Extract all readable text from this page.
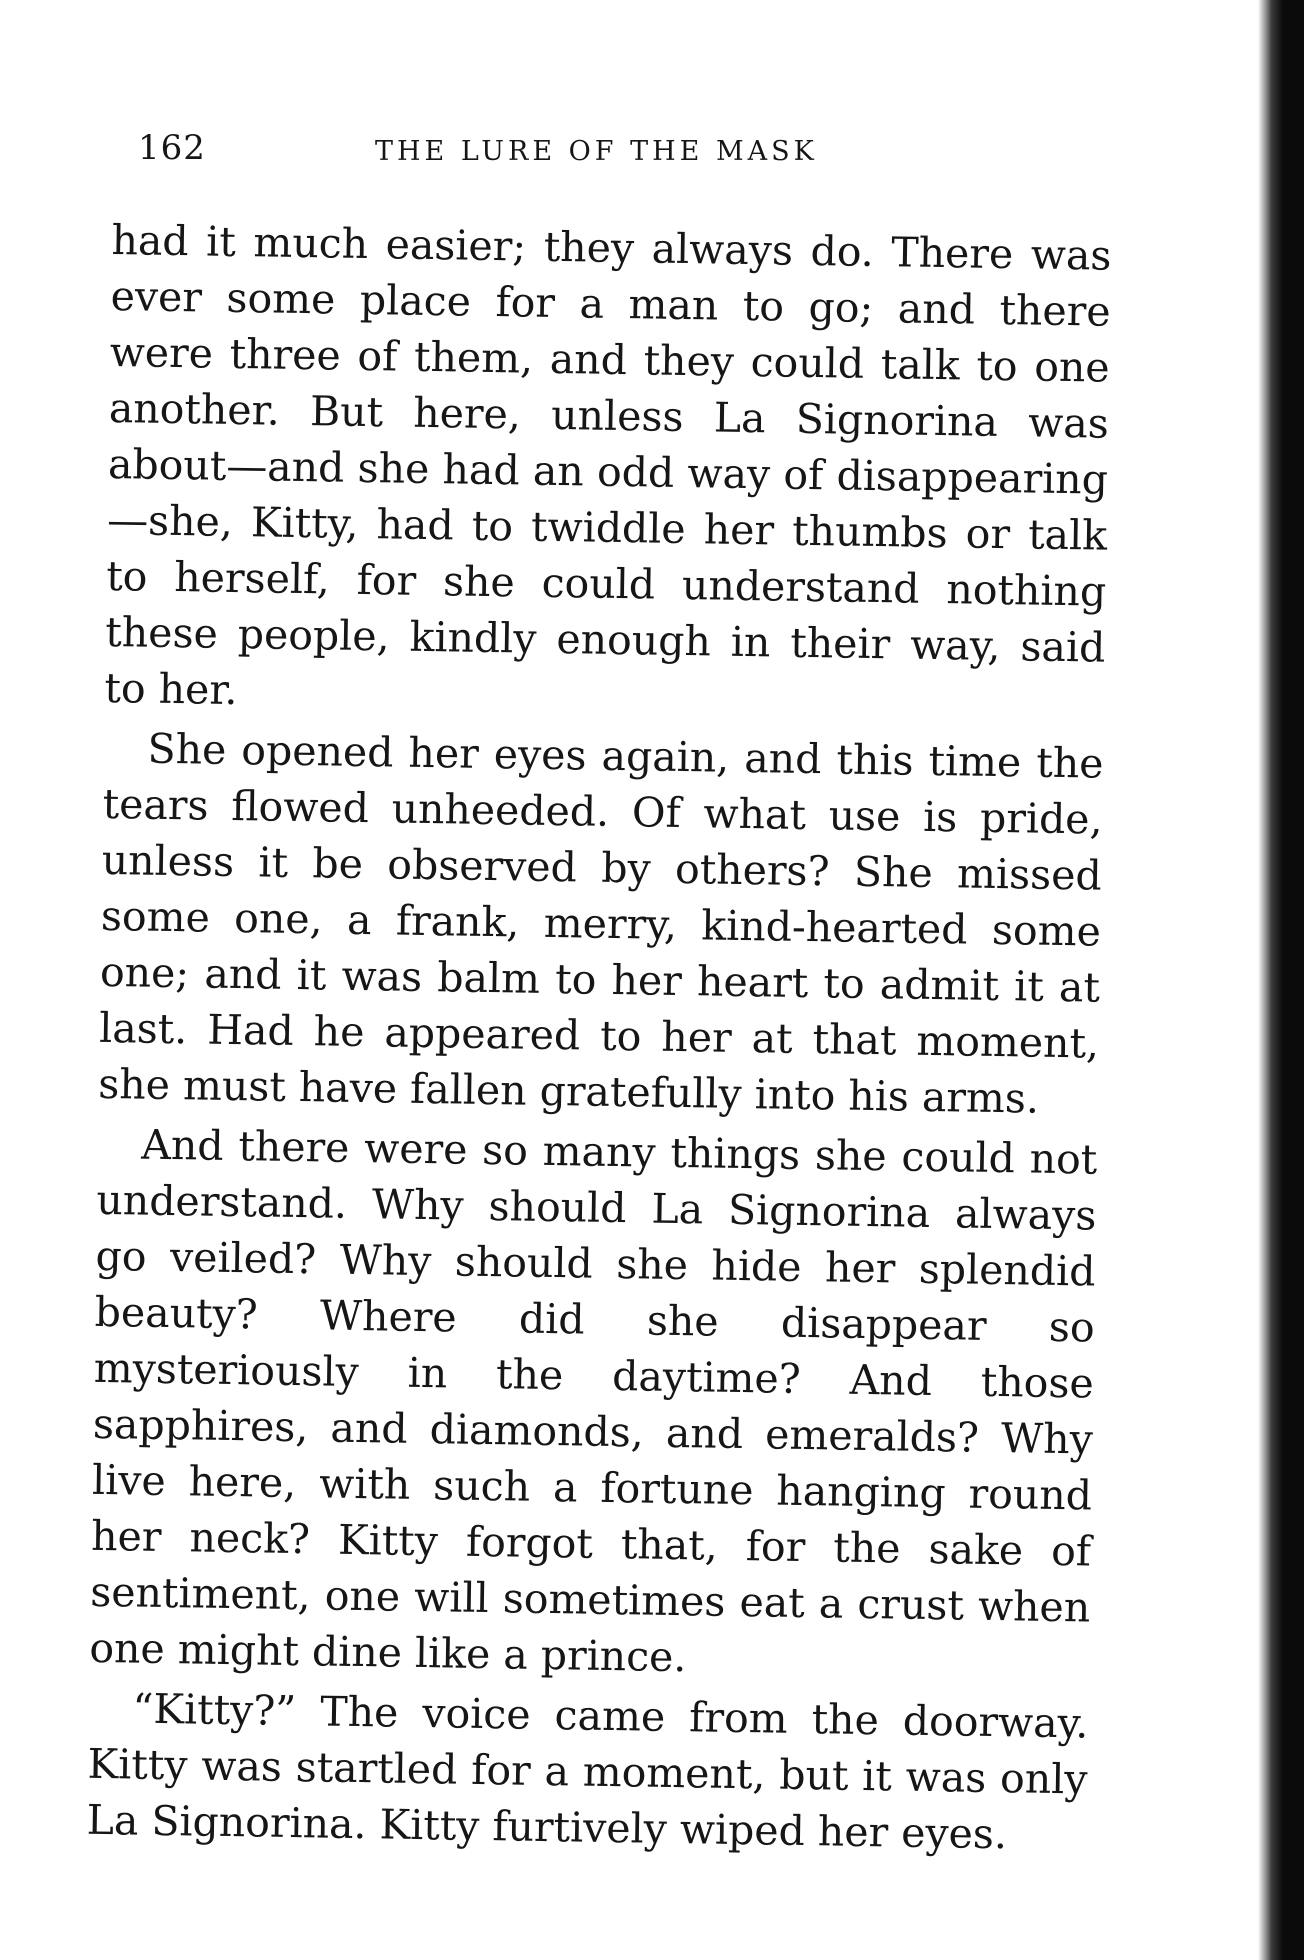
162	THE LURE OF THE MASK

had it much easier; they always do. There was ever some place for a man to go; and there were three of them, and they could talk to one another. But here, unless La Signorina was about—and she had an odd way of disappearing—she, Kitty, had to twiddle her thumbs or talk to herself, for she could understand nothing these people, kindly enough in their way, said to her.

She opened her eyes again, and this time the tears flowed unheeded. Of what use is pride, unless it be observed by others? She missed some one, a frank, merry, kind-hearted some one; and it was balm to her heart to admit it at last. Had he appeared to her at that moment, she must have fallen gratefully into his arms.

And there were so many things she could not understand. Why should La Signorina always go veiled? Why should she hide her splendid beauty? Where did she disappear so mysteriously in the daytime? And those sapphires, and diamonds, and emeralds? Why live here, with such a fortune hanging round her neck? Kitty forgot that, for the sake of sentiment, one will sometimes eat a crust when one might dine like a prince.

“Kitty?” The voice came from the doorway. Kitty was startled for a moment, but it was only La Signorina. Kitty furtively wiped her eyes.
